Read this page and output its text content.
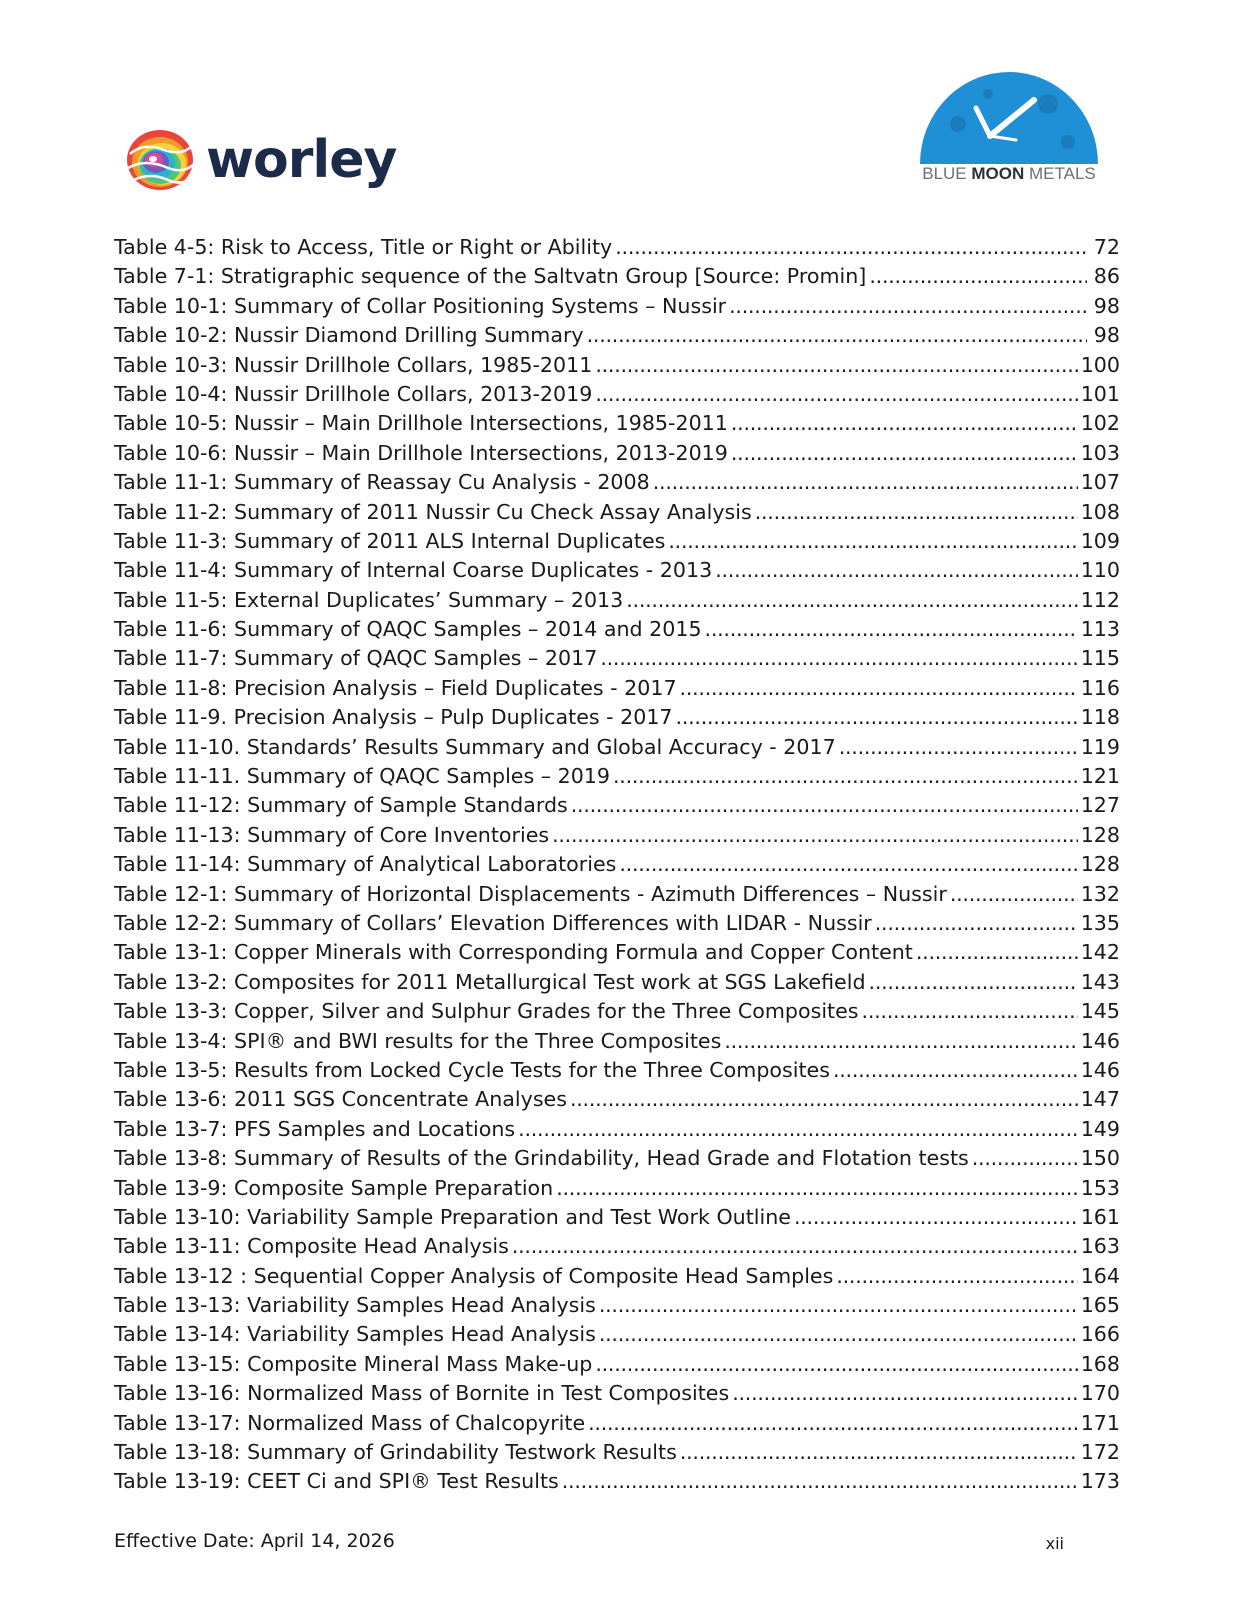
worley	BLUE MOON METALS
Table 4-5: Risk to Access, Title or Right or Ability . . .	72
Table 7-1: Stratigraphic sequence of the Saltvatn Group [Source: Promin] . . .	86
Table 10-1: Summary of Collar Positioning Systems – Nussir . . .	98
Table 10-2: Nussir Diamond Drilling Summary . . .	98
Table 10-3: Nussir Drillhole Collars, 1985-2011 . . .	100
Table 10-4: Nussir Drillhole Collars, 2013-2019 . . .	101
Table 10-5: Nussir – Main Drillhole Intersections, 1985-2011 . . .	102
Table 10-6: Nussir – Main Drillhole Intersections, 2013-2019 . . .	103
Table 11-1: Summary of Reassay Cu Analysis - 2008 . . .	107
Table 11-2: Summary of 2011 Nussir Cu Check Assay Analysis . . .	108
Table 11-3: Summary of 2011 ALS Internal Duplicates . . .	109
Table 11-4: Summary of Internal Coarse Duplicates - 2013 . . .	110
Table 11-5: External Duplicates’ Summary – 2013 . . .	112
Table 11-6: Summary of QAQC Samples – 2014 and 2015 . . .	113
Table 11-7: Summary of QAQC Samples – 2017 . . .	115
Table 11-8: Precision Analysis – Field Duplicates - 2017 . . .	116
Table 11-9. Precision Analysis – Pulp Duplicates - 2017 . . .	118
Table 11-10. Standards’ Results Summary and Global Accuracy - 2017 . . .	119
Table 11-11. Summary of QAQC Samples – 2019 . . .	121
Table 11-12: Summary of Sample Standards . . .	127
Table 11-13: Summary of Core Inventories . . .	128
Table 11-14: Summary of Analytical Laboratories . . .	128
Table 12-1: Summary of Horizontal Displacements - Azimuth Differences – Nussir . . .	132
Table 12-2: Summary of Collars’ Elevation Differences with LIDAR - Nussir . . .	135
Table 13-1: Copper Minerals with Corresponding Formula and Copper Content . . .	142
Table 13-2: Composites for 2011 Metallurgical Test work at SGS Lakefield . . .	143
Table 13-3: Copper, Silver and Sulphur Grades for the Three Composites . . .	145
Table 13-4: SPI® and BWI results for the Three Composites . . .	146
Table 13-5: Results from Locked Cycle Tests for the Three Composites . . .	146
Table 13-6: 2011 SGS Concentrate Analyses . . .	147
Table 13-7: PFS Samples and Locations . . .	149
Table 13-8: Summary of Results of the Grindability, Head Grade and Flotation tests . . .	150
Table 13-9: Composite Sample Preparation . . .	153
Table 13-10: Variability Sample Preparation and Test Work Outline . . .	161
Table 13-11: Composite Head Analysis . . .	163
Table 13-12 : Sequential Copper Analysis of Composite Head Samples . . .	164
Table 13-13: Variability Samples Head Analysis . . .	165
Table 13-14: Variability Samples Head Analysis . . .	166
Table 13-15: Composite Mineral Mass Make-up . . .	168
Table 13-16: Normalized Mass of Bornite in Test Composites . . .	170
Table 13-17: Normalized Mass of Chalcopyrite . . .	171
Table 13-18: Summary of Grindability Testwork Results . . .	172
Table 13-19: CEET Ci and SPI® Test Results . . .	173
Effective Date: April 14, 2026	xii
